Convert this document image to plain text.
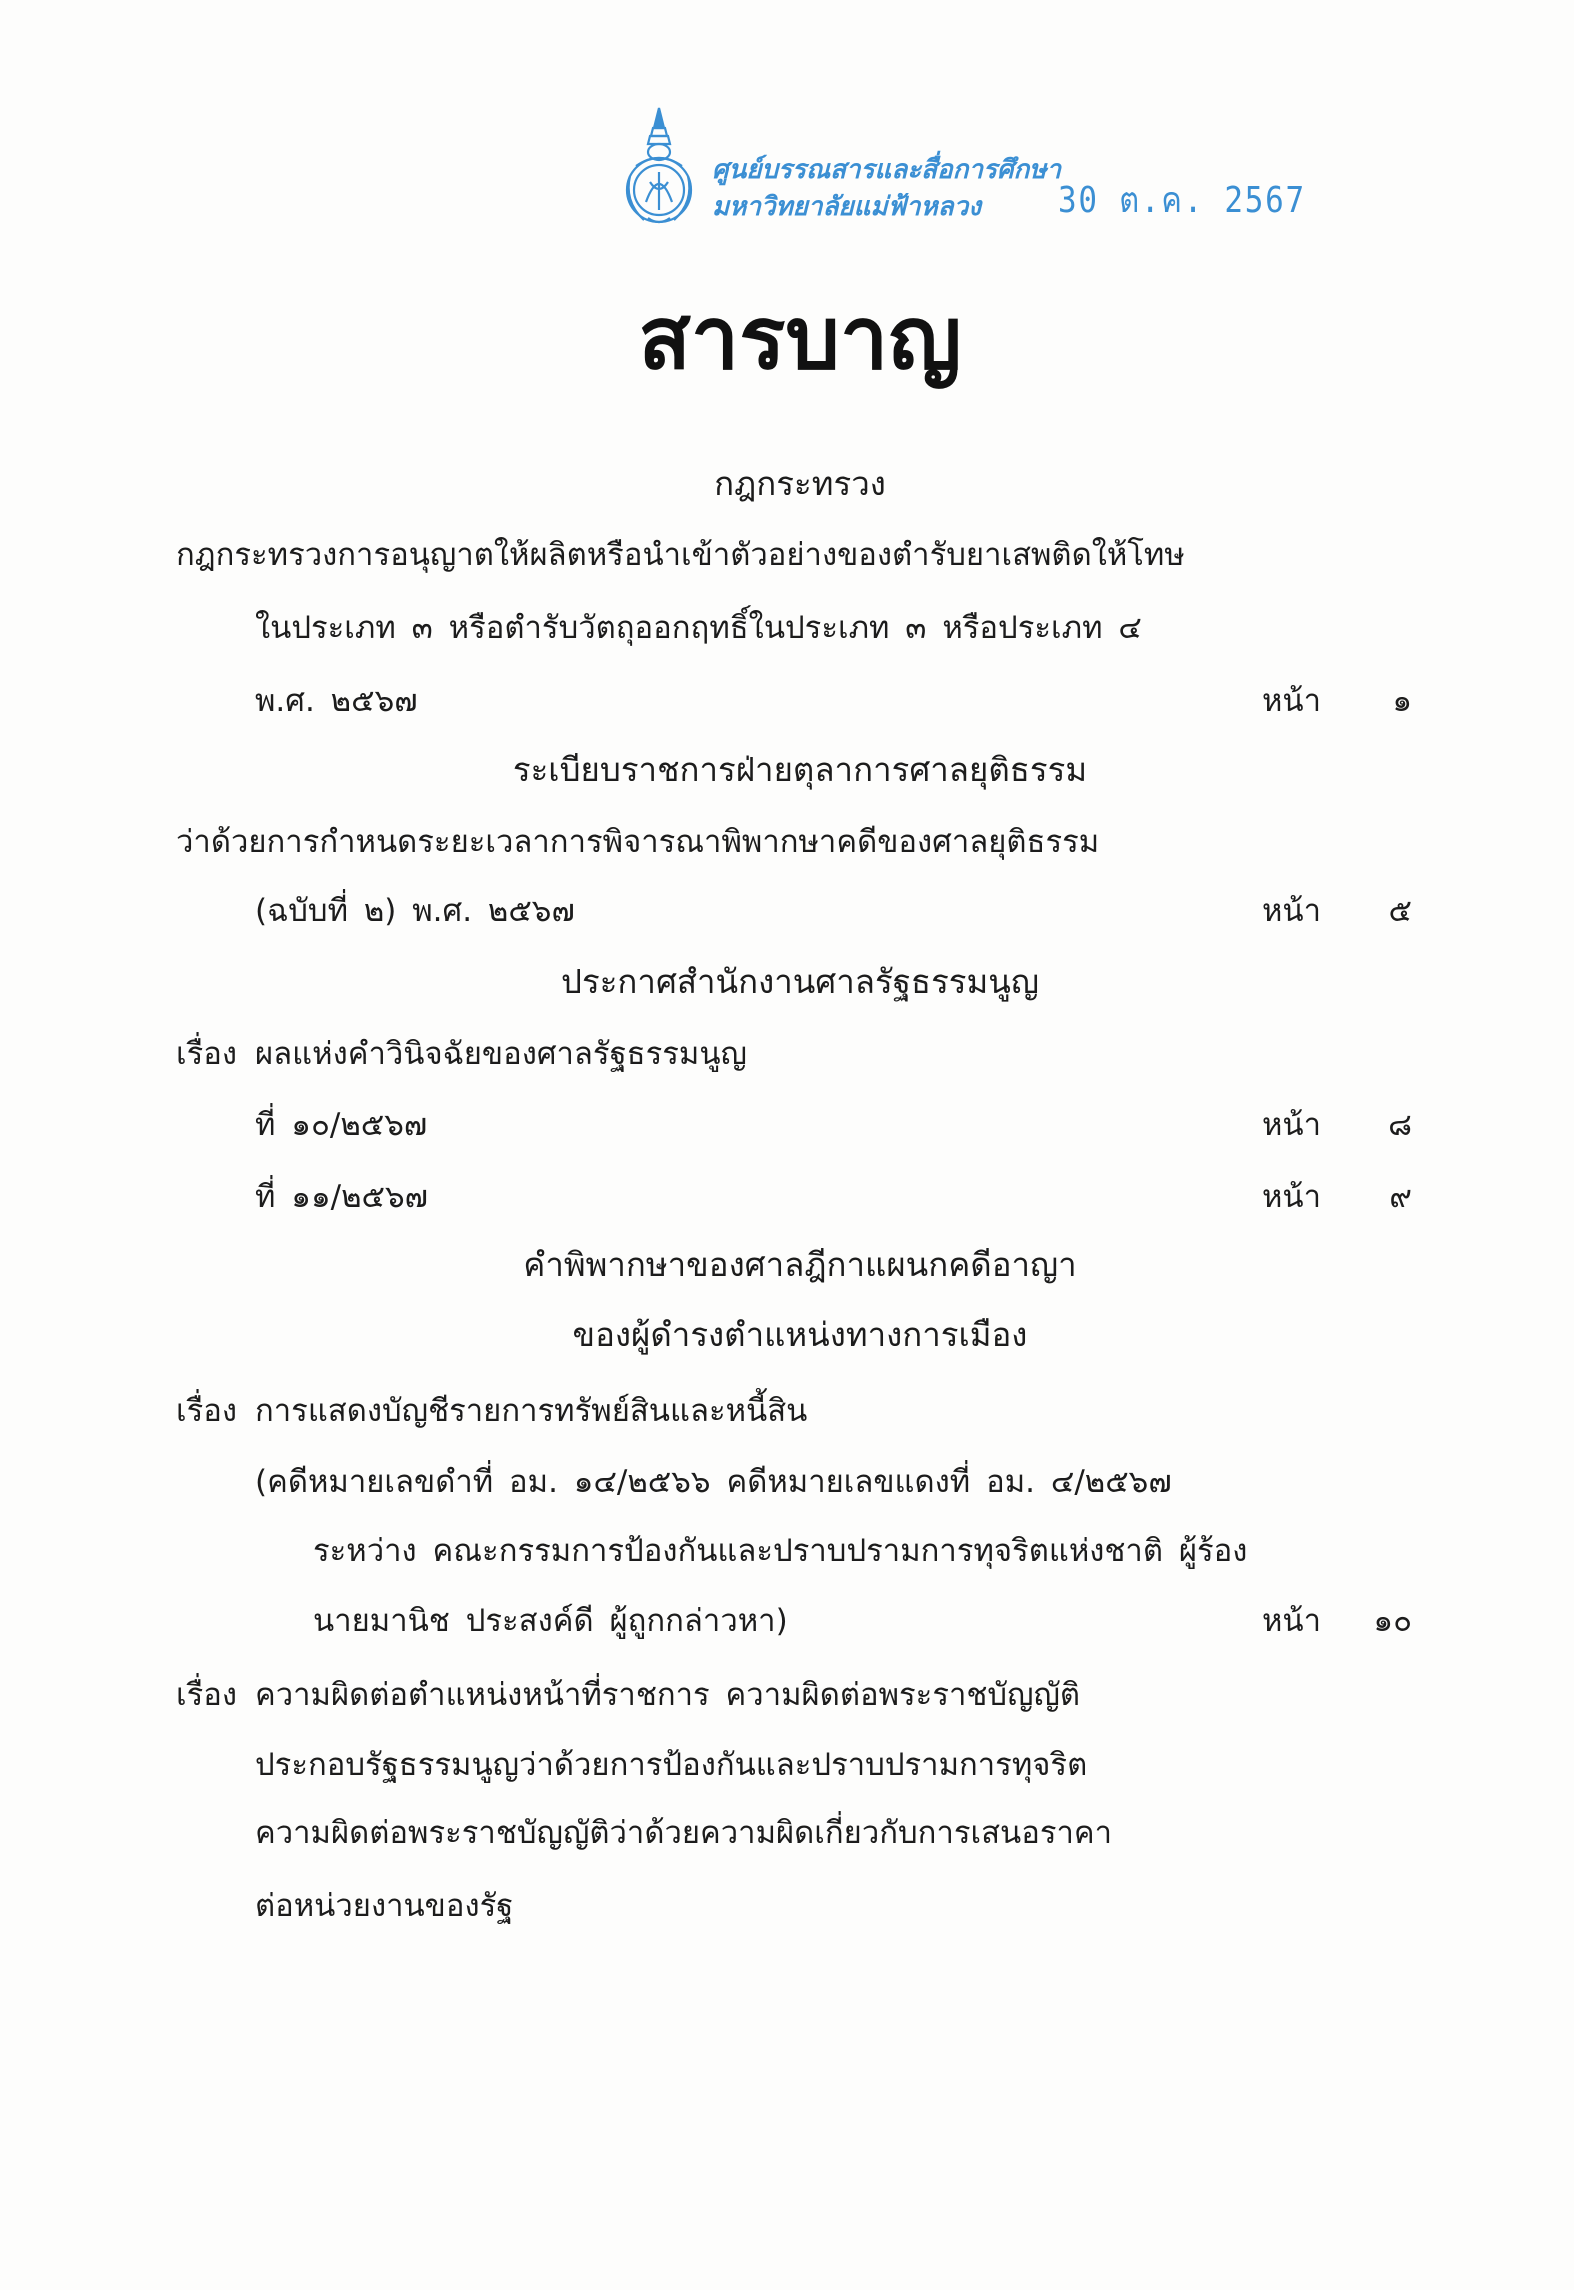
ศูนย์บรรณสารและสื่อการศึกษา
มหาวิทยาลัยแม่ฟ้าหลวง 30 ต.ค. 2567
สารบาญ
กฎกระทรวง
กฎกระทรวงการอนุญาตให้ผลิตหรือนำเข้าตัวอย่างของตำรับยาเสพติดให้โทษ
ในประเภท ๓ หรือตำรับวัตถุออกฤทธิ์ในประเภท ๓ หรือประเภท ๔
พ.ศ. ๒๕๖๗	หน้า	๑
ระเบียบราชการฝ่ายตุลาการศาลยุติธรรม
ว่าด้วยการกำหนดระยะเวลาการพิจารณาพิพากษาคดีของศาลยุติธรรม
(ฉบับที่ ๒) พ.ศ. ๒๕๖๗	หน้า	๕
ประกาศสำนักงานศาลรัฐธรรมนูญ
เรื่อง ผลแห่งคำวินิจฉัยของศาลรัฐธรรมนูญ
ที่ ๑๐/๒๕๖๗	หน้า	๘
ที่ ๑๑/๒๕๖๗	หน้า	๙
คำพิพากษาของศาลฎีกาแผนกคดีอาญา
ของผู้ดำรงตำแหน่งทางการเมือง
เรื่อง การแสดงบัญชีรายการทรัพย์สินและหนี้สิน
(คดีหมายเลขดำที่ อม. ๑๔/๒๕๖๖ คดีหมายเลขแดงที่ อม. ๔/๒๕๖๗
ระหว่าง คณะกรรมการป้องกันและปราบปรามการทุจริตแห่งชาติ ผู้ร้อง
นายมานิช ประสงค์ดี ผู้ถูกกล่าวหา)	หน้า	๑๐
เรื่อง ความผิดต่อตำแหน่งหน้าที่ราชการ ความผิดต่อพระราชบัญญัติ
ประกอบรัฐธรรมนูญว่าด้วยการป้องกันและปราบปรามการทุจริต
ความผิดต่อพระราชบัญญัติว่าด้วยความผิดเกี่ยวกับการเสนอราคา
ต่อหน่วยงานของรัฐ
